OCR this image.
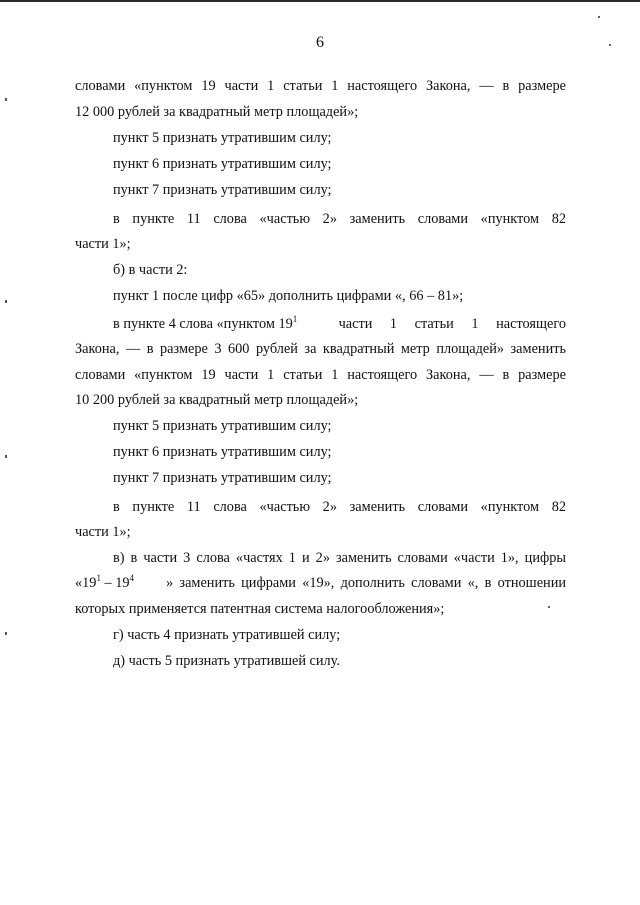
6
словами «пунктом 19 части 1 статьи 1 настоящего Закона, — в размере
12 000 рублей за квадратный метр площадей»;
пункт 5 признать утратившим силу;
пункт 6 признать утратившим силу;
пункт 7 признать утратившим силу;
в пункте 11 слова «частью 2» заменить словами «пунктом 82
части 1»;
б) в части 2:
пункт 1 после цифр «65» дополнить цифрами «, 66 – 81»;
в пункте 4 слова «пунктом $19^1$ части 1 статьи 1 настоящего
Закона, — в размере 3 600 рублей за квадратный метр площадей» заменить
словами «пунктом 19 части 1 статьи 1 настоящего Закона, — в размере
10 200 рублей за квадратный метр площадей»;
пункт 5 признать утратившим силу;
пункт 6 признать утратившим силу;
пункт 7 признать утратившим силу;
в пункте 11 слова «частью 2» заменить словами «пунктом 82
части 1»;
в) в части 3 слова «частях 1 и 2» заменить словами «части 1», цифры
«$19^1 - 19^4$ » заменить цифрами «19», дополнить словами «, в отношении
которых применяется патентная система налогообложения»;
г) часть 4 признать утратившей силу;
д) часть 5 признать утратившей силу.
